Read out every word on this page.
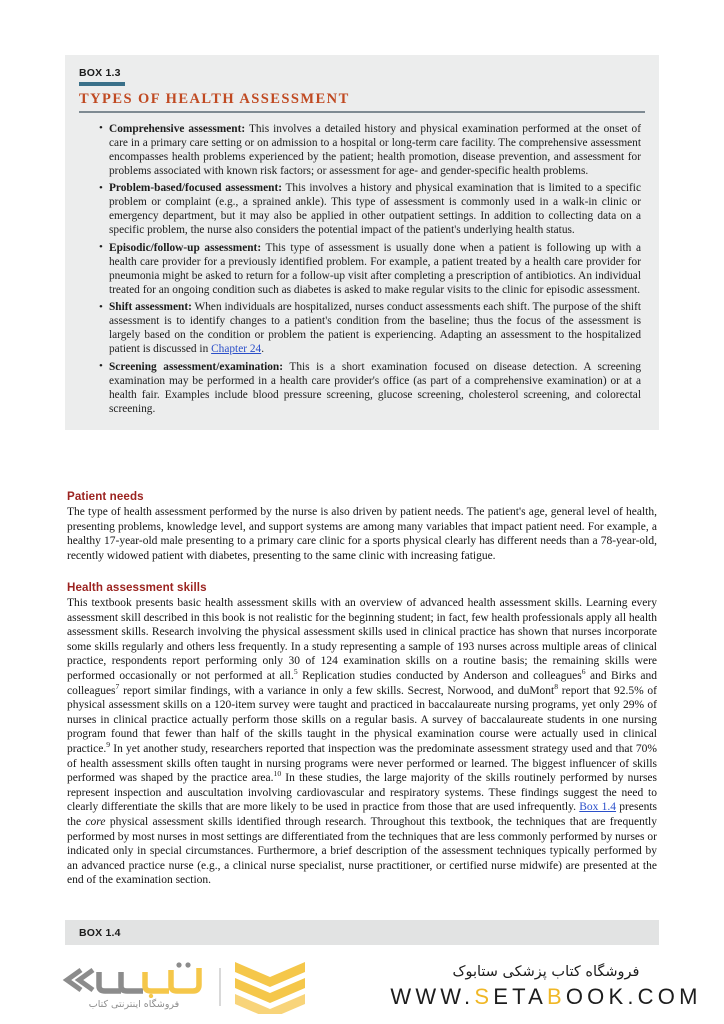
BOX 1.3
TYPES OF HEALTH ASSESSMENT
• Comprehensive assessment: This involves a detailed history and physical examination performed at the onset of care in a primary care setting or on admission to a hospital or long-term care facility. The comprehensive assessment encompasses health problems experienced by the patient; health promotion, disease prevention, and assessment for problems associated with known risk factors; or assessment for age- and gender-specific health problems.
• Problem-based/focused assessment: This involves a history and physical examination that is limited to a specific problem or complaint (e.g., a sprained ankle). This type of assessment is commonly used in a walk-in clinic or emergency department, but it may also be applied in other outpatient settings. In addition to collecting data on a specific problem, the nurse also considers the potential impact of the patient's underlying health status.
• Episodic/follow-up assessment: This type of assessment is usually done when a patient is following up with a health care provider for a previously identified problem. For example, a patient treated by a health care provider for pneumonia might be asked to return for a follow-up visit after completing a prescription of antibiotics. An individual treated for an ongoing condition such as diabetes is asked to make regular visits to the clinic for episodic assessment.
• Shift assessment: When individuals are hospitalized, nurses conduct assessments each shift. The purpose of the shift assessment is to identify changes to a patient's condition from the baseline; thus the focus of the assessment is largely based on the condition or problem the patient is experiencing. Adapting an assessment to the hospitalized patient is discussed in Chapter 24.
• Screening assessment/examination: This is a short examination focused on disease detection. A screening examination may be performed in a health care provider's office (as part of a comprehensive examination) or at a health fair. Examples include blood pressure screening, glucose screening, cholesterol screening, and colorectal screening.
Patient needs
The type of health assessment performed by the nurse is also driven by patient needs. The patient's age, general level of health, presenting problems, knowledge level, and support systems are among many variables that impact patient need. For example, a healthy 17-year-old male presenting to a primary care clinic for a sports physical clearly has different needs than a 78-year-old, recently widowed patient with diabetes, presenting to the same clinic with increasing fatigue.
Health assessment skills
This textbook presents basic health assessment skills with an overview of advanced health assessment skills. Learning every assessment skill described in this book is not realistic for the beginning student; in fact, few health professionals apply all health assessment skills. Research involving the physical assessment skills used in clinical practice has shown that nurses incorporate some skills regularly and others less frequently. In a study representing a sample of 193 nurses across multiple areas of clinical practice, respondents report performing only 30 of 124 examination skills on a routine basis; the remaining skills were performed occasionally or not performed at all.$^5$ Replication studies conducted by Anderson and colleagues$^6$ and Birks and colleagues$^7$ report similar findings, with a variance in only a few skills. Secrest, Norwood, and duMont$^8$ report that 92.5% of physical assessment skills on a 120-item survey were taught and practiced in baccalaureate nursing programs, yet only 29% of nurses in clinical practice actually perform those skills on a regular basis. A survey of baccalaureate students in one nursing program found that fewer than half of the skills taught in the physical examination course were actually used in clinical practice.$^9$ In yet another study, researchers reported that inspection was the predominate assessment strategy used and that 70% of health assessment skills often taught in nursing programs were never performed or learned. The biggest influencer of skills performed was shaped by the practice area.$^{10}$ In these studies, the large majority of the skills routinely performed by nurses represent inspection and auscultation involving cardiovascular and respiratory systems. These findings suggest the need to clearly differentiate the skills that are more likely to be used in practice from those that are used infrequently. Box 1.4 presents the core physical assessment skills identified through research. Throughout this textbook, the techniques that are frequently performed by most nurses in most settings are differentiated from the techniques that are less commonly performed by nurses or indicated only in special circumstances. Furthermore, a brief description of the assessment techniques typically performed by an advanced practice nurse (e.g., a clinical nurse specialist, nurse practitioner, or certified nurse midwife) are presented at the end of the examination section.
BOX 1.4
فروشگاه اینترنتی کتاب
فروشگاه کتاب پزشکی ستابوک
WWW.SETABOOK.COM
